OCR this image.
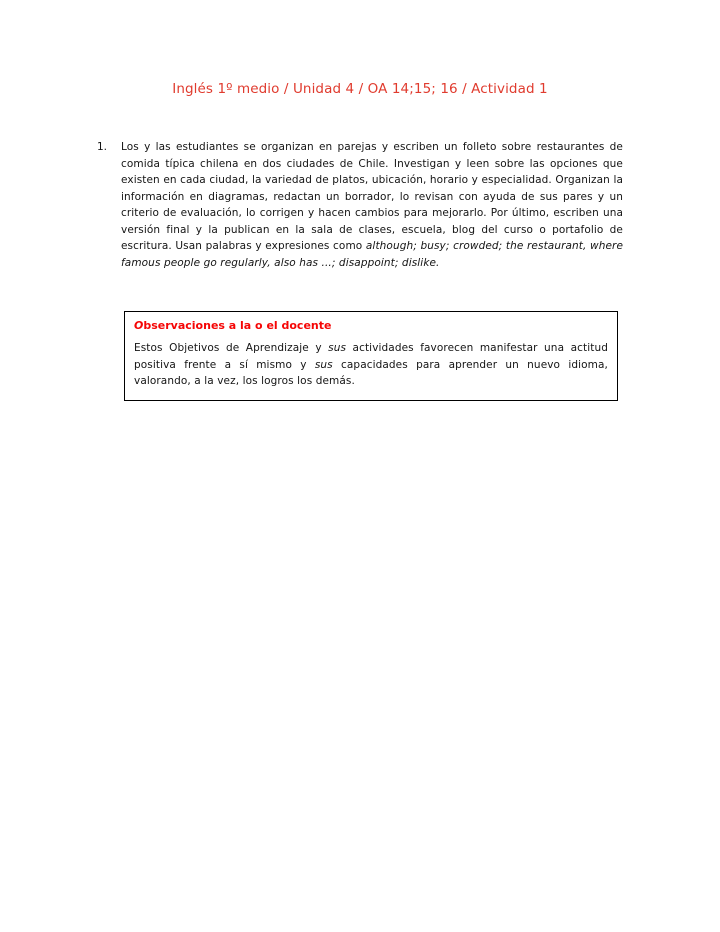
Inglés 1º medio / Unidad 4 / OA 14;15; 16 / Actividad 1
1.	Los y las estudiantes se organizan en parejas y escriben un folleto sobre restaurantes de comida típica chilena en dos ciudades de Chile. Investigan y leen sobre las opciones que existen en cada ciudad, la variedad de platos, ubicación, horario y especialidad. Organizan la información en diagramas, redactan un borrador, lo revisan con ayuda de sus pares y un criterio de evaluación, lo corrigen y hacen cambios para mejorarlo. Por último, escriben una versión final y la publican en la sala de clases, escuela, blog del curso o portafolio de escritura. Usan palabras y expresiones como although; busy; crowded; the restaurant, where famous people go regularly, also has ...; disappoint; dislike.

Observaciones a la o el docente

Estos Objetivos de Aprendizaje y sus actividades favorecen manifestar una actitud positiva frente a sí mismo y sus capacidades para aprender un nuevo idioma, valorando, a la vez, los logros los demás.
